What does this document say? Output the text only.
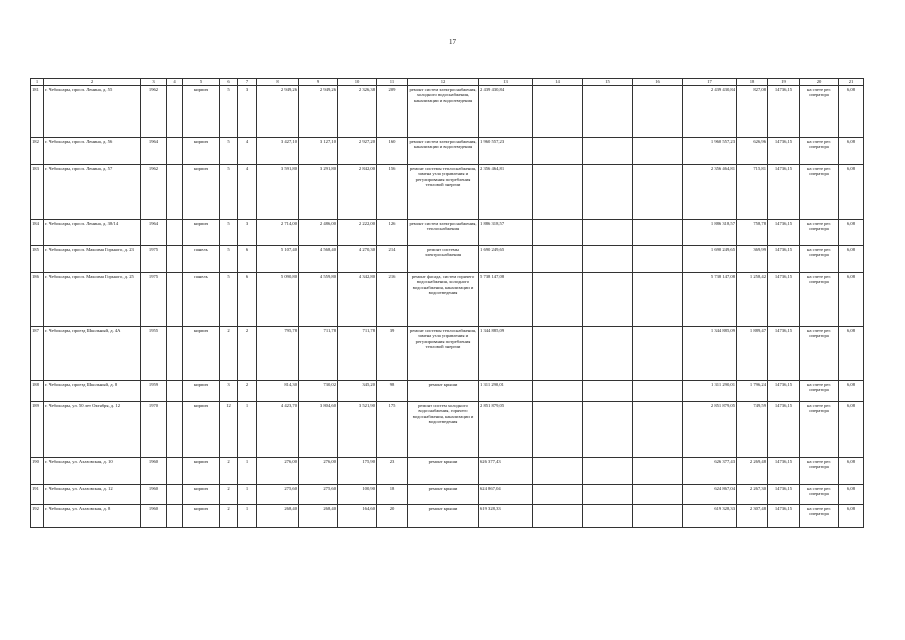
17
1	2	3	4	5	6	7	8	9	10	11	12	13	14	15	16	17	18	19	20	21
181	г. Чебоксары, просп. Ленина, д. 55	1962		кирпич	5	3	2 949,26	2 949,26	2 326,38	209	ремонт систем электроснабжения, холодного водоснабжения, канализации и водоотведения	2 439 430,84				2 439 430,84	827,08	14736,15	на счете рег. оператора	6,08
182	г. Чебоксары, просп. Ленина, д. 56	1964		кирпич	5	4	3 427,10	3 127,10	2 927,20	160	ремонт систем электроснабжения, канализации и водоотведения	1 960 557,23				1 960 557,23	626,96	14736,15	на счете рег. оператора	6,08
183	г. Чебоксары, просп. Ленина, д. 57	1962		кирпич	5	4	3 591,80	3 291,80	2 842,00	156	ремонт системы теплоснабжения, замена узла управления и регулирования потребления тепловой энергии	2 356 464,81				2 356 464,81	715,81	14736,15	на счете рег. оператора	6,08
184	г. Чебоксары, просп. Ленина, д. 38/14	1964		кирпич	5	3	2 714,00	2 486,00	2 222,00	126	ремонт систем электроснабжения, теплоснабжения	1 886 318,57				1 886 318,57	758,78	14736,15	на счете рег. оператора	6,08
185	г. Чебоксары, просп. Максима Горького, д. 23	1975		панель	5	6	5 107,40	4 568,40	4 270,30	214	ремонт системы электроснабжения	1 690 249,65				1 690 249,65	369,99	14736,15	на счете рег. оператора	6,08
186	г. Чебоксары, просп. Максима Горького, д. 25	1975		панель	5	6	5 090,80	4 559,80	4 342,80	216	ремонт фасада, систем горячего водоснабжения, холодного водоснабжения, канализации и водоотведения	5 738 147,08				5 738 147,08	1 258,42	14736,15	на счете рег. оператора	6,08
187	г. Чебоксары, проезд Школьный, д. 4А	1955		кирпич	2	2	795,78	711,78	711,78	39	ремонт системы теплоснабжения, замена узла управления и регулирования потребления тепловой энергии	1 344 885,09				1 344 885,09	1 889,47	14736,15	на счете рег. оператора	6,08
188	г. Чебоксары, проезд Школьный, д. 8	1959		кирпич	3	2	814,30	730,02	345,20	98	ремонт крыши	1 311 290,01				1 311 290,01	1 796,24	14736,15	на счете рег. оператора	6,08
189	г. Чебоксары, ул. 50 лет Октября, д. 12	1970		кирпич	12	1	4 423,70	3 804,60	3 521,90	175	ремонт систем холодного водоснабжения, горячего водоснабжения, канализации и водоотведения	2 851 879,05				2 851 879,05	749,59	14736,15	на счете рег. оператора	6,08
190	г. Чебоксары, ул. Ахазовская, д. 10	1960		кирпич	2	1	276,00	276,00	175,90	23	ремонт крыши	626 377,43				626 377,43	2 269,48	14736,15	на счете рег. оператора	6,08
191	г. Чебоксары, ул. Ахазовская, д. 12	1960		кирпич	2	1	275,60	275,60	100,90	18	ремонт крыши	624 867,04				624 867,04	2 267,30	14736,15	на счете рег. оператора	6,08
192	г. Чебоксары, ул. Ахазовская, д. 8	1960		кирпич	2	1	268,40	268,40	164,60	20	ремонт крыши	619 328,33				619 328,33	2 307,48	14736,15	на счете рег. оператора	6,08
